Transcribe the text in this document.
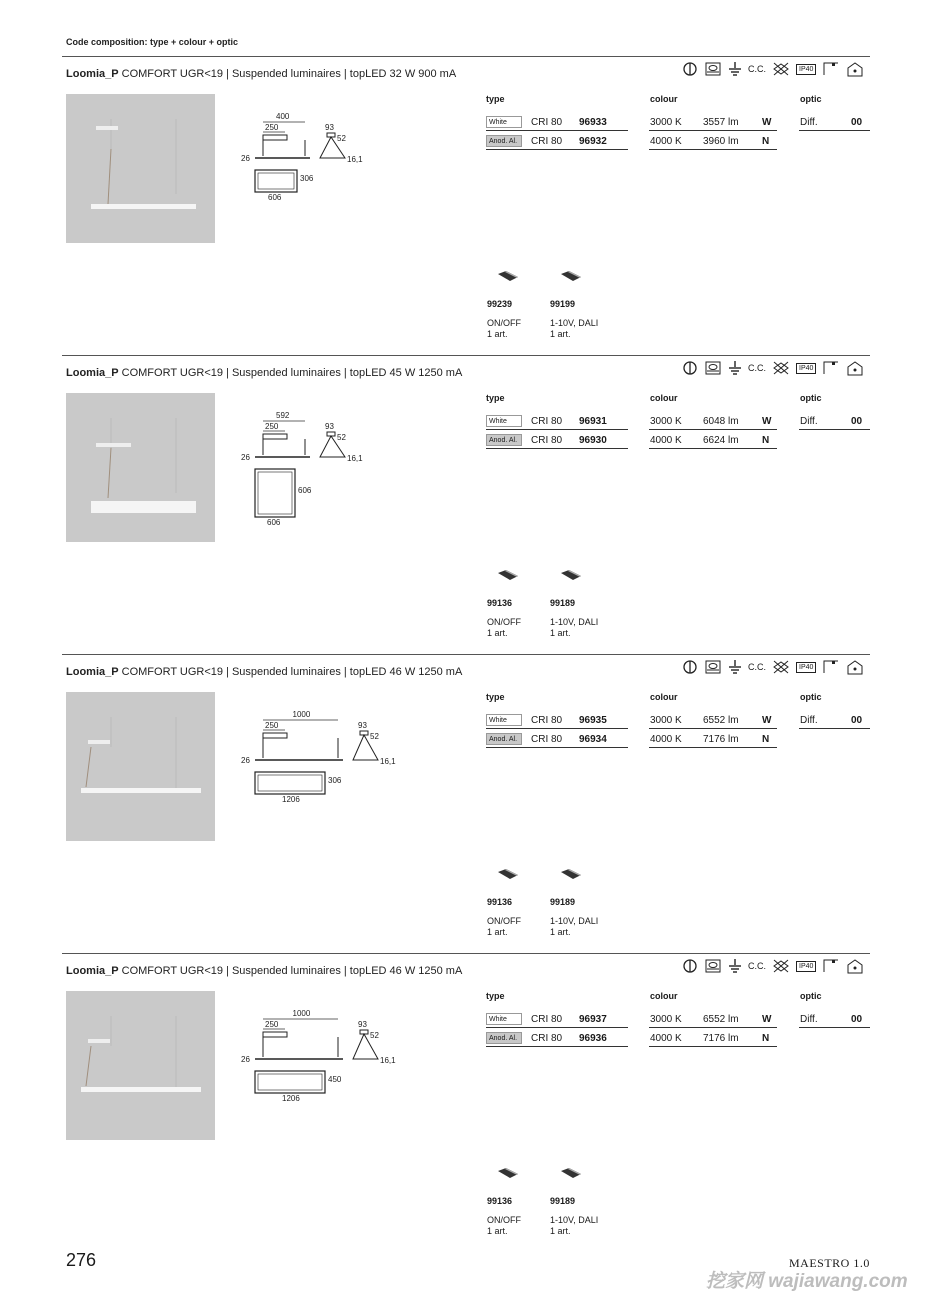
Code composition: type + colour + optic
Loomia_P COMFORT UGR<19 | Suspended luminaires | topLED 32 W 900 mA	C.C.	IP40
400
250
26
93
52
16,1
306
606
type	colour	optic
White	CRI 80 96933	3000 K 3557 lm W	Diff.	00
Anod. Al.	CRI 80 96932	4000 K 3960 lm N
99239
ON/OFF
1 art.
99199
1-10V, DALI
1 art.
Loomia_P COMFORT UGR<19 | Suspended luminaires | topLED 45 W 1250 mA	C.C.	IP40
592
250
26
93
52
16,1
606
606
type	colour	optic
White	CRI 80 96931	3000 K 6048 lm W	Diff.	00
Anod. Al.	CRI 80 96930	4000 K 6624 lm N
99136
ON/OFF
1 art.
99189
1-10V, DALI
1 art.
Loomia_P COMFORT UGR<19 | Suspended luminaires | topLED 46 W 1250 mA	C.C.	IP40
1000
250
26
93
52
16,1
306
1206
type	colour	optic
White	CRI 80 96935	3000 K 6552 lm W	Diff.	00
Anod. Al.	CRI 80 96934	4000 K 7176 lm N
99136
ON/OFF
1 art.
99189
1-10V, DALI
1 art.
Loomia_P COMFORT UGR<19 | Suspended luminaires | topLED 46 W 1250 mA	C.C.	IP40
1000
250
26
93
52
16,1
450
1206
type	colour	optic
White	CRI 80 96937	3000 K 6552 lm W	Diff.	00
Anod. Al.	CRI 80 96936	4000 K 7176 lm N
99136
ON/OFF
1 art.
99189
1-10V, DALI
1 art.
276	MAESTRO 1.0
挖家网 wajiawang.com
